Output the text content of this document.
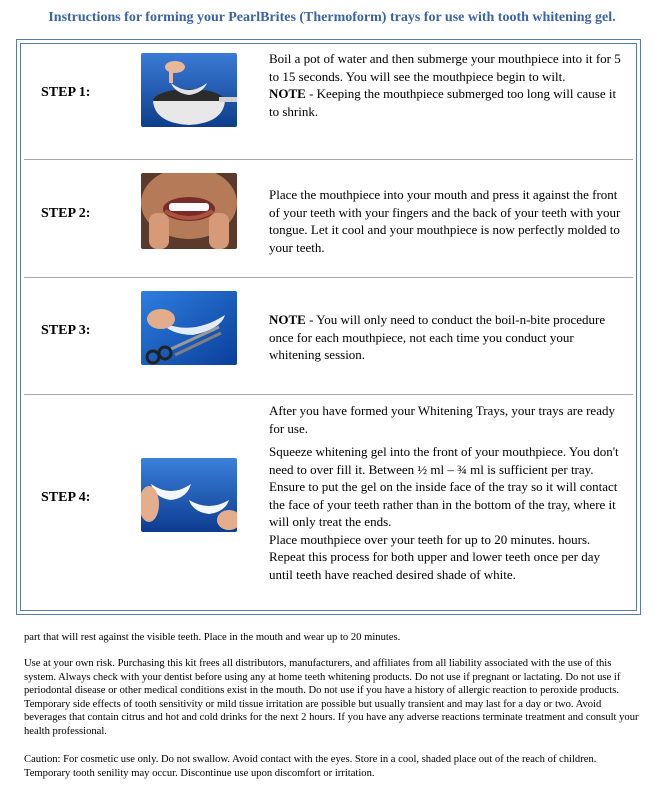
Instructions for forming your PearlBrites (Thermoform) trays for use with tooth whitening gel.
STEP 1:

Boil a pot of water and then submerge your mouthpiece into it for 5 to 15 seconds. You will see the mouthpiece begin to wilt.

NOTE - Keeping the mouthpiece submerged too long will cause it to shrink.

STEP 2:

Place the mouthpiece into your mouth and press it against the front of your teeth with your fingers and the back of your teeth with your tongue. Let it cool and your mouthpiece is now perfectly molded to your teeth.

STEP 3:

NOTE - You will only need to conduct the boil-n-bite procedure once for each mouthpiece, not each time you conduct your whitening session.

STEP 4:

After you have formed your Whitening Trays, your trays are ready for use.

Squeeze whitening gel into the front of your mouthpiece. You don't need to over fill it. Between ½ ml – ¾ ml is sufficient per tray.

Ensure to put the gel on the inside face of the tray so it will contact the face of your teeth rather than in the bottom of the tray, where it will only treat the ends.

Place mouthpiece over your teeth for up to 20 minutes. hours. Repeat this process for both upper and lower teeth once per day until teeth have reached desired shade of white.

part that will rest against the visible teeth. Place in the mouth and wear up to 20 minutes.

Use at your own risk. Purchasing this kit frees all distributors, manufacturers, and affiliates from all liability associated with the use of this system. Always check with your dentist before using any at home teeth whitening products. Do not use if pregnant or lactating. Do not use if periodontal disease or other medical conditions exist in the mouth. Do not use if you have a history of allergic reaction to peroxide products. Temporary side effects of tooth sensitivity or mild tissue irritation are possible but usually transient and may last for a day or two. Avoid beverages that contain citrus and hot and cold drinks for the next 2 hours. If you have any adverse reactions terminate treatment and consult your health professional.

Caution: For cosmetic use only. Do not swallow. Avoid contact with the eyes. Store in a cool, shaded place out of the reach of children. Temporary tooth senility may occur. Discontinue use upon discomfort or irritation.
